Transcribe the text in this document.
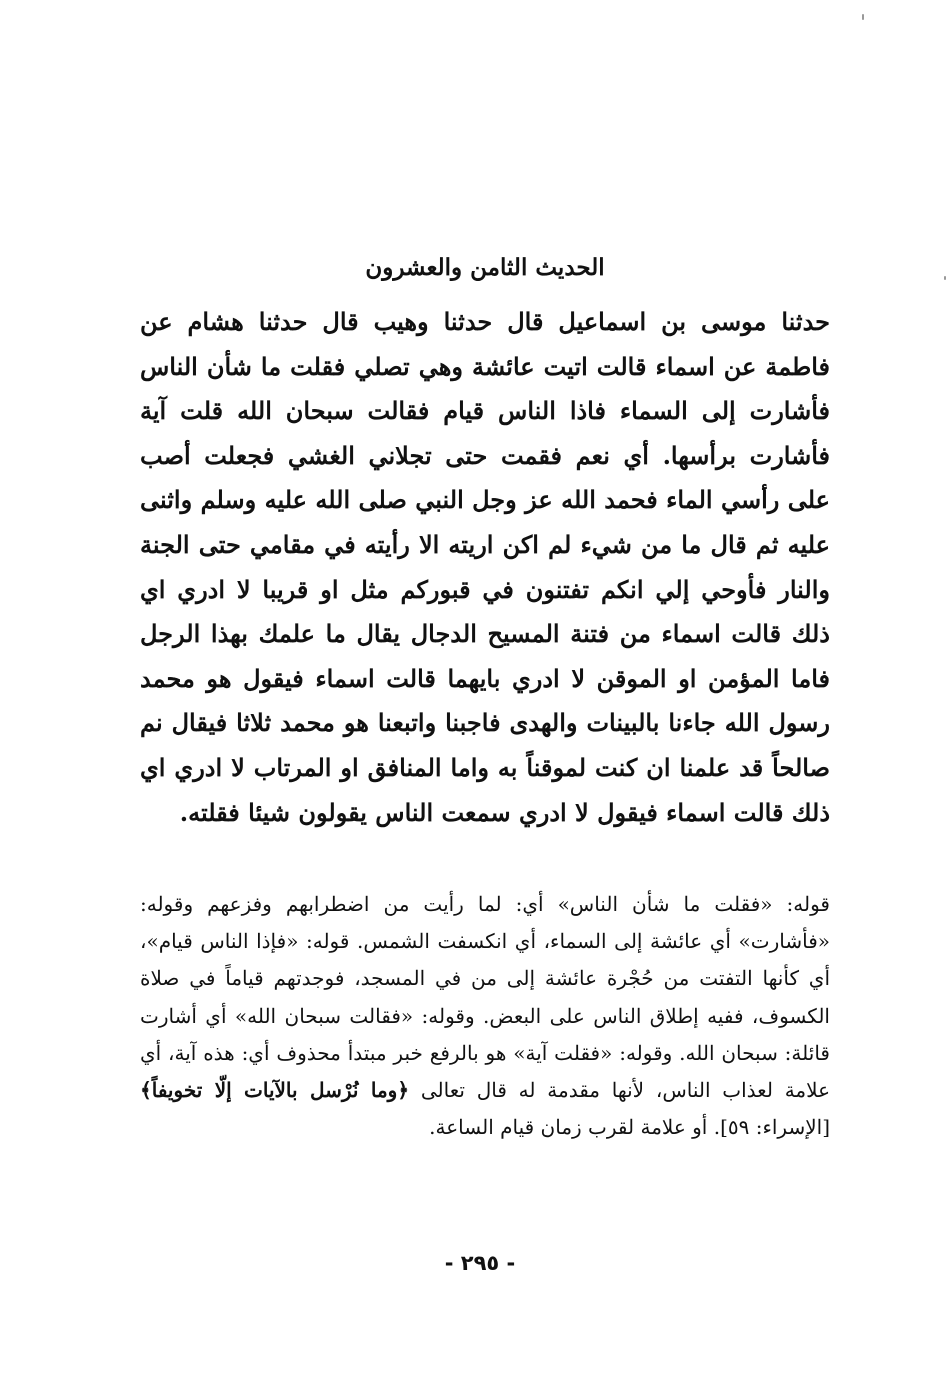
الحديث الثامن والعشرون

حدثنا موسى بن اسماعيل قال حدثنا وهيب قال حدثنا هشام عن فاطمة عن اسماء قالت اتيت عائشة وهي تصلي فقلت ما شأن الناس فأشارت إلى السماء فاذا الناس قيام فقالت سبحان الله قلت آية فأشارت برأسها. أي نعم فقمت حتى تجلاني الغشي فجعلت أصب على رأسي الماء فحمد الله عز وجل النبي صلى الله عليه وسلم واثنى عليه ثم قال ما من شيء لم اكن اريته الا رأيته في مقامي حتى الجنة والنار فأوحي إلي انكم تفتنون في قبوركم مثل او قريبا لا ادري اي ذلك قالت اسماء من فتنة المسيح الدجال يقال ما علمك بهذا الرجل فاما المؤمن او الموقن لا ادري بايهما قالت اسماء فيقول هو محمد رسول الله جاءنا بالبينات والهدى فاجبنا واتبعنا هو محمد ثلاثا فيقال نم صالحاً قد علمنا ان كنت لموقناً به واما المنافق او المرتاب لا ادري اي ذلك قالت اسماء فيقول لا ادري سمعت الناس يقولون شيئا فقلته.

قوله: «فقلت ما شأن الناس» أي: لما رأيت من اضطرابهم وفزعهم وقوله: «فأشارت» أي عائشة إلى السماء، أي انكسفت الشمس. قوله: «فإذا الناس قيام»، أي كأنها التفتت من حُجْرة عائشة إلى من في المسجد، فوجدتهم قياماً في صلاة الكسوف، ففيه إطلاق الناس على البعض. وقوله: «فقالت سبحان الله» أي أشارت قائلة: سبحان الله. وقوله: «فقلت آية» هو بالرفع خبر مبتدأ محذوف أي: هذه آية، أي علامة لعذاب الناس، لأنها مقدمة له قال تعالى ﴿وما نُرْسل بالآيات إلّا تخويفاً﴾ [الإسراء: ٥٩]. أو علامة لقرب زمان قيام الساعة.

- ٢٩٥ -
